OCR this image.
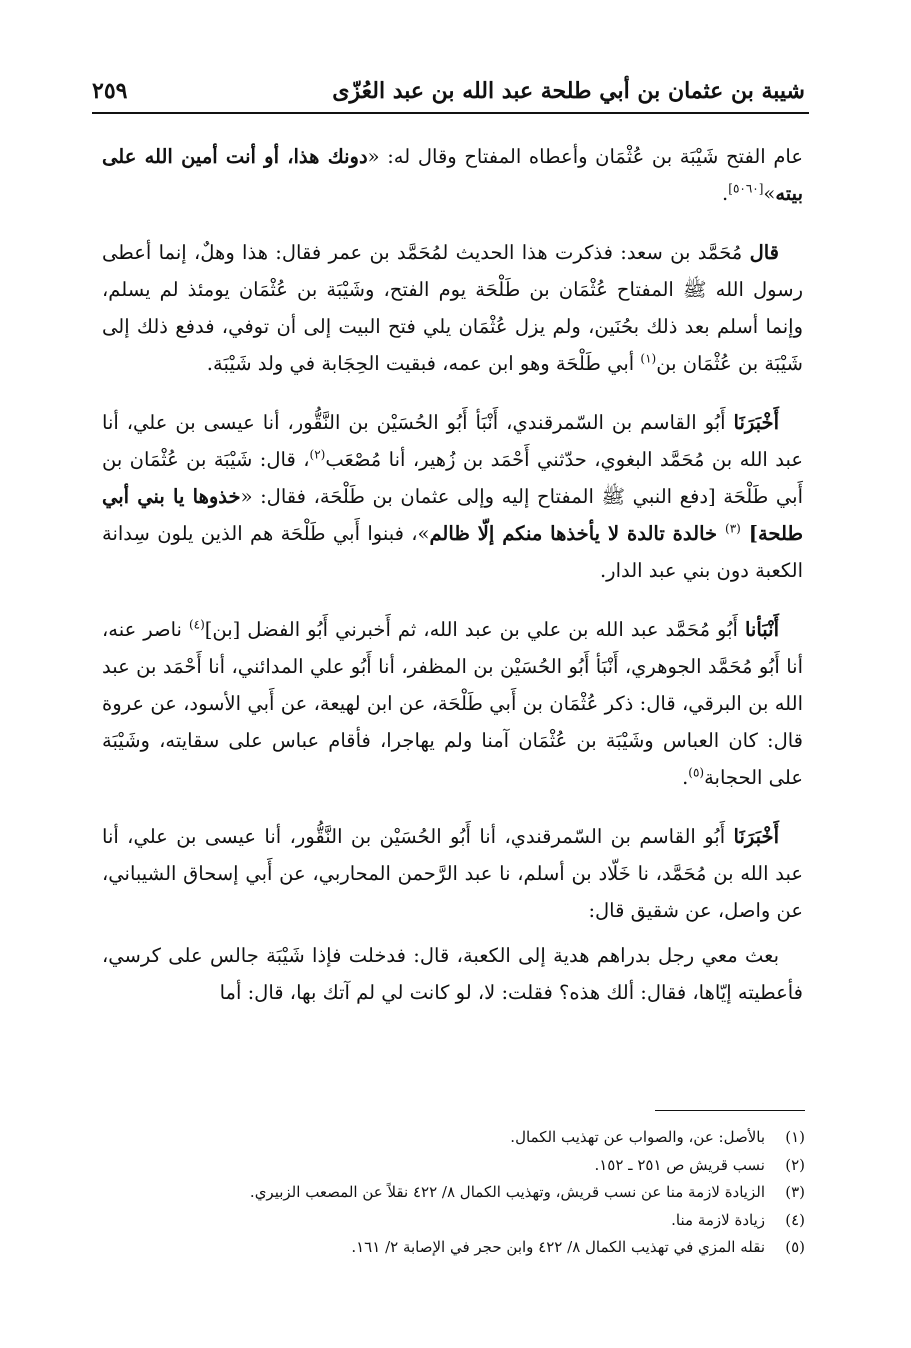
شيبة بن عثمان بن أبي طلحة عبد الله بن عبد العُزّى
٢٥٩

عام الفتح شَيْبَة بن عُثْمَان وأعطاه المفتاح وقال له: «دونك هذا، أو أنت أمين الله على بيته»[٥٠٦٠].

قال مُحَمَّد بن سعد: فذكرت هذا الحديث لمُحَمَّد بن عمر فقال: هذا وهلٌ، إنما أعطى رسول الله ﷺ المفتاح عُثْمَان بن طَلْحَة يوم الفتح، وشَيْبَة بن عُثْمَان يومئذ لم يسلم، وإنما أسلم بعد ذلك بحُنَين، ولم يزل عُثْمَان يلي فتح البيت إلى أن توفي، فدفع ذلك إلى شَيْبَة بن عُثْمَان بن$^{(١)}$ أبي طَلْحَة وهو ابن عمه، فبقيت الحِجَابة في ولد شَيْبَة.

أَخْبَرَنَا أَبُو القاسم بن السّمرقندي، أَنْبَأ أَبُو الحُسَيْن بن النَّقُّور، أنا عيسى بن علي، أنا عبد الله بن مُحَمَّد البغوي، حدّثني أَحْمَد بن زُهير، أنا مُصْعَب$^{(٢)}$، قال: شَيْبَة بن عُثْمَان بن أَبي طَلْحَة [دفع النبي ﷺ المفتاح إليه وإلى عثمان بن طَلْحَة، فقال: «خذوها يا بني أبي طلحة] $^{(٣)}$ خالدة تالدة لا يأخذها منكم إلّا ظالم»، فبنوا أَبي طَلْحَة هم الذين يلون سِدانة الكعبة دون بني عبد الدار.

أَنْبَأنا أَبُو مُحَمَّد عبد الله بن علي بن عبد الله، ثم أَخبرني أَبُو الفضل [بن]$^{(٤)}$ ناصر عنه، أنا أَبُو مُحَمَّد الجوهري، أَنْبَأ أَبُو الحُسَيْن بن المظفر، أنا أَبُو علي المدائني، أنا أَحْمَد بن عبد الله بن البرقي، قال: ذكر عُثْمَان بن أَبي طَلْحَة، عن ابن لهيعة، عن أَبي الأسود، عن عروة قال: كان العباس وشَيْبَة بن عُثْمَان آمنا ولم يهاجرا، فأقام عباس على سقايته، وشَيْبَة على الحجابة$^{(٥)}$.

أَخْبَرَنَا أَبُو القاسم بن السّمرقندي، أنا أَبُو الحُسَيْن بن النَّقُّور، أنا عيسى بن علي، أنا عبد الله بن مُحَمَّد، نا خَلّاد بن أسلم، نا عبد الرَّحمن المحاربي، عن أَبي إسحاق الشيباني، عن واصل، عن شقيق قال:

بعث معي رجل بدراهم هدية إلى الكعبة، قال: فدخلت فإذا شَيْبَة جالس على كرسي، فأعطيته إيّاها، فقال: ألك هذه؟ فقلت: لا، لو كانت لي لم آتك بها، قال: أما

(١)
بالأصل: عن، والصواب عن تهذيب الكمال.
(٢)
نسب قريش ص ٢٥١ ـ ١٥٢.
(٣)
الزيادة لازمة منا عن نسب قريش، وتهذيب الكمال ٨/ ٤٢٢ نقلاً عن المصعب الزبيري.
(٤)
زيادة لازمة منا.
(٥)
نقله المزي في تهذيب الكمال ٨/ ٤٢٢ وابن حجر في الإصابة ٢/ ١٦١.
